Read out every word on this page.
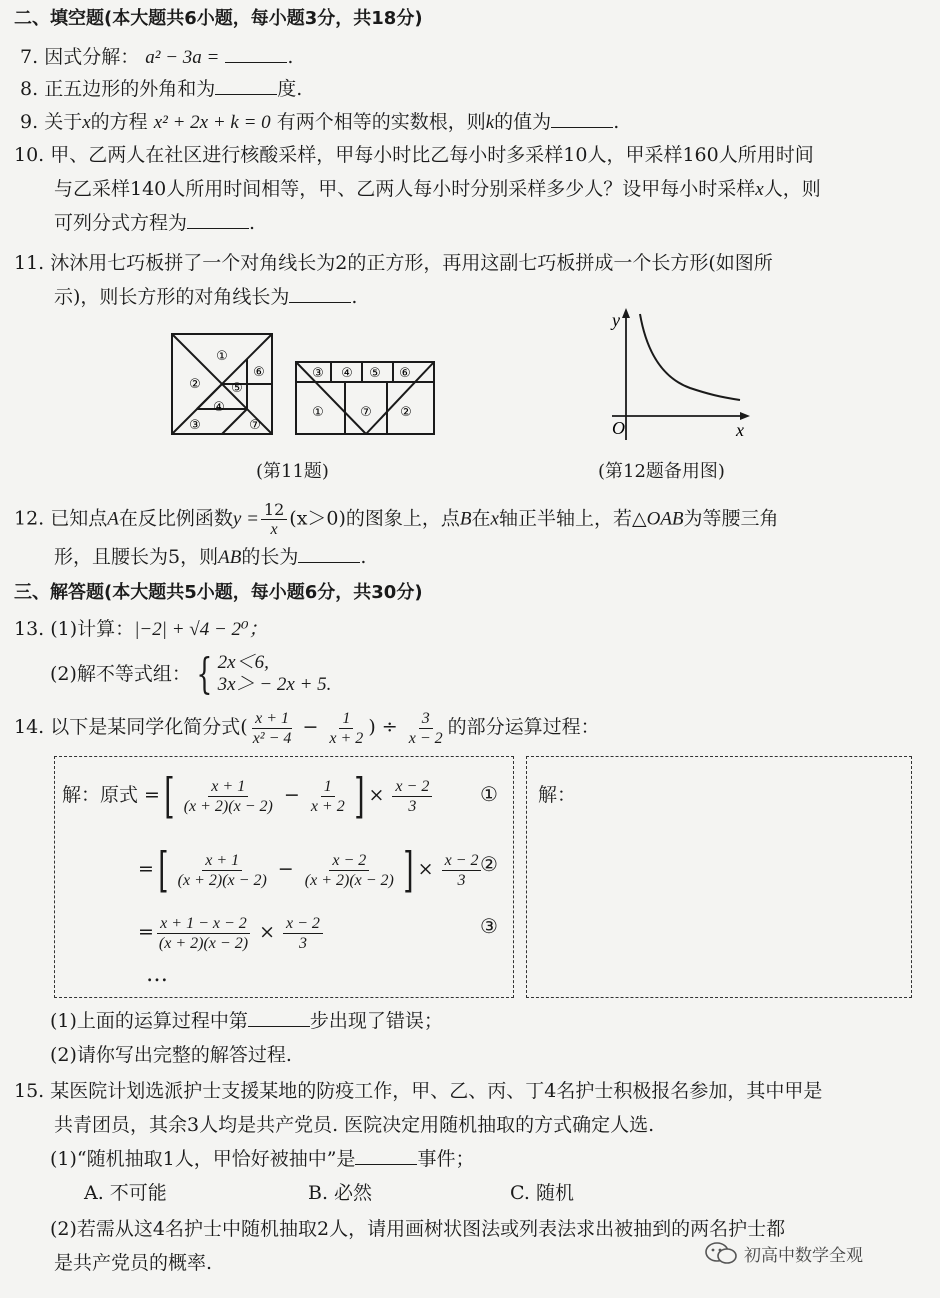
二、填空题(本大题共6小题，每小题3分，共18分)
7. 因式分解： a² − 3a =	.
8. 正五边形的外角和为	度.
9. 关于x的方程 x² + 2x + k = 0 有两个相等的实数根，则k的值为	.
10. 甲、乙两人在社区进行核酸采样，甲每小时比乙每小时多采样10人，甲采样160人所用时间
与乙采样140人所用时间相等，甲、乙两人每小时分别采样多少人？设甲每小时采样x人，则
可列分式方程为	.
11. 沐沐用七巧板拼了一个对角线长为2的正方形，再用这副七巧板拼成一个长方形(如图所
示)，则长方形的对角线长为	.
①
②
③
④
⑤
⑥
⑦
③ ④ ⑤ ⑥
①	⑦ ②
y
x
O
(第11题)	(第12题备用图)
12. 已知点A在反比例函数$y = \frac{12}{x} (x>0)$的图象上，点B在x轴正半轴上，若△OAB为等腰三角
形，且腰长为5，则AB的长为	.
三、解答题(本大题共5小题，每小题6分，共30分)
13. (1)计算：|−2| + √4 − 2⁰；
(2)解不等式组： { 2x＜6,
3x＞ − 2x + 5.
14. 以下是某同学化简分式( $\frac{x + 1}{\text{x² − 4}} - \frac{1}{x + 2}$ ) ÷ $\frac{3}{x - 2}$ 的部分运算过程：
解：原式 =[ $\frac{x + 1}{(x + 2)(x - 2)} - \frac{1}{x + 2}$ ] × $\frac{x - 2}{3}$ ①
=[ $\frac{x + 1}{(x + 2)(x - 2)} - \frac{x - 2}{(x + 2)(x - 2)}$ ] × $\frac{x - 2}{3}$
②
= $\frac{x + 1 - x - 2}{(x + 2)(x - 2)} \times \frac{x - 2}{3}$	③
…
解：
(1)上面的运算过程中第	步出现了错误；
(2)请你写出完整的解答过程.
15. 某医院计划选派护士支援某地的防疫工作，甲、乙、丙、丁4名护士积极报名参加，其中甲是
共青团员，其余3人均是共产党员. 医院决定用随机抽取的方式确定人选.
(1)“随机抽取1人，甲恰好被抽中”是	事件；
A. 不可能	B. 必然	C. 随机
(2)若需从这4名护士中随机抽取2人，请用画树状图法或列表法求出被抽到的两名护士都
是共产党员的概率.	初高中数学全观
